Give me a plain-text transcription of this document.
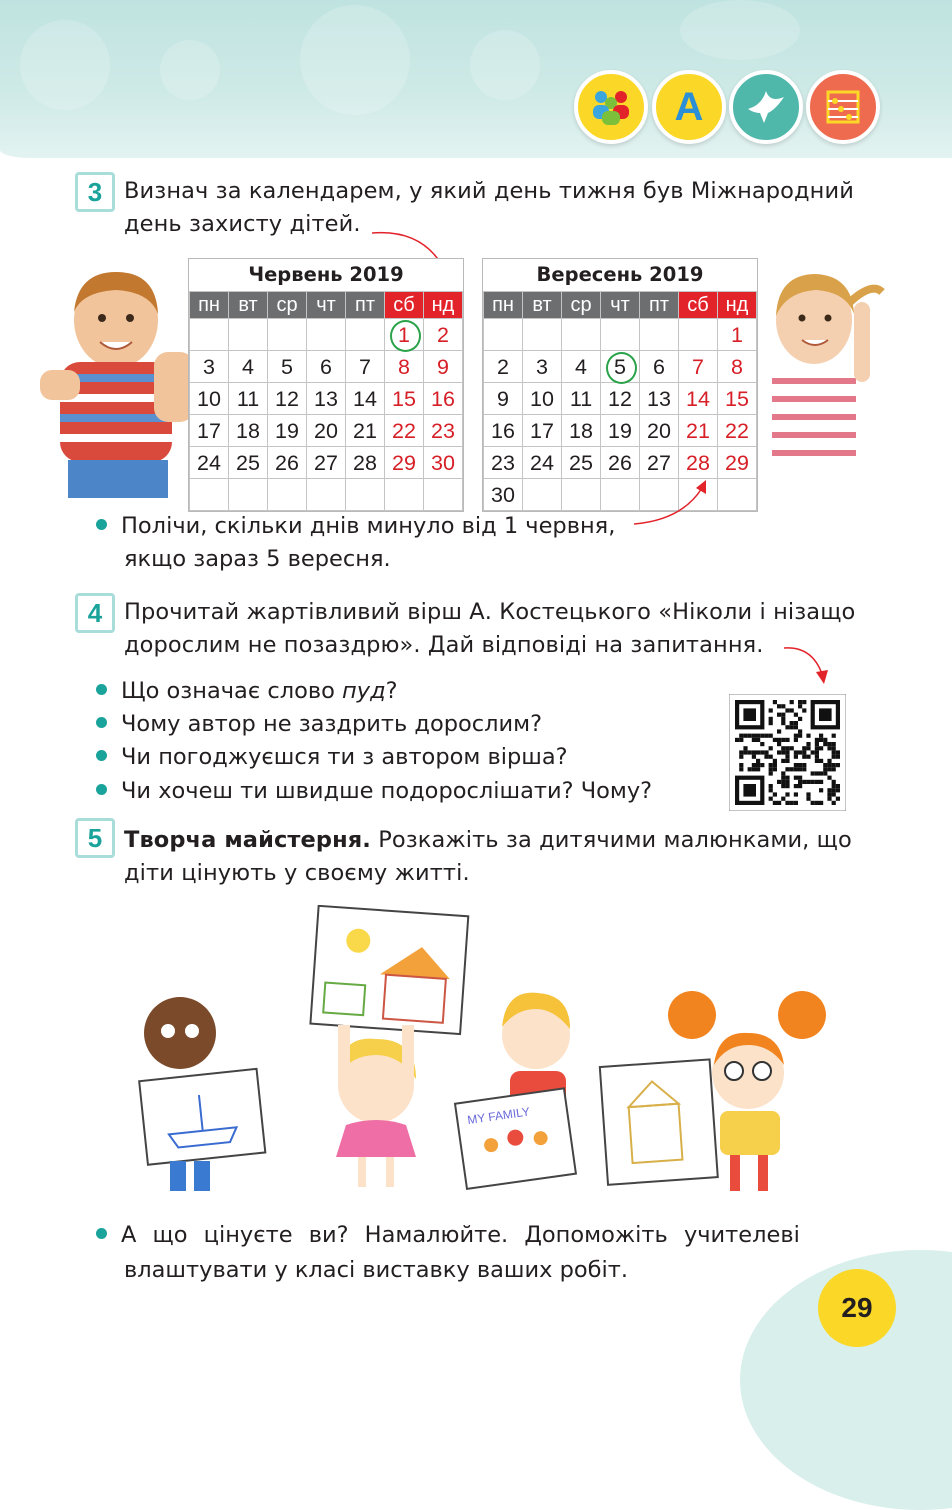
A
3 Визнач за календарем, у який день тижня був Міжнародний
день захисту дітей.
Червень 2019
пн	вт	ср	чт	пт	сб	нд
					1	2
3	4	5	6	7	8	9
10	11	12	13	14	15	16
17	18	19	20	21	22	23
24	25	26	27	28	29	30

Вересень 2019
пн	вт	ср	чт	пт	сб	нд
						1
2	3	4	5	6	7	8
9	10	11	12	13	14	15
16	17	18	19	20	21	22
23	24	25	26	27	28	29
30						
Полічи, скільки днів минуло від 1 червня,
якщо зараз 5 вересня.
4 Прочитай жартівливий вірш А. Костецького «Ніколи і нізащо
дорослим не позаздрю». Дай відповіді на запитання.
Що означає слово пуд?
Чому автор не заздрить дорослим?
Чи погоджуєшся ти з автором вірша?
Чи хочеш ти швидше подорослішати? Чому?
5 Творча майстерня. Розкажіть за дитячими малюнками, що
діти цінують у своєму житті.
MY FAMILY
А що цінуєте ви? Намалюйте. Допоможіть учителеві
влаштувати у класі виставку ваших робіт.
29
